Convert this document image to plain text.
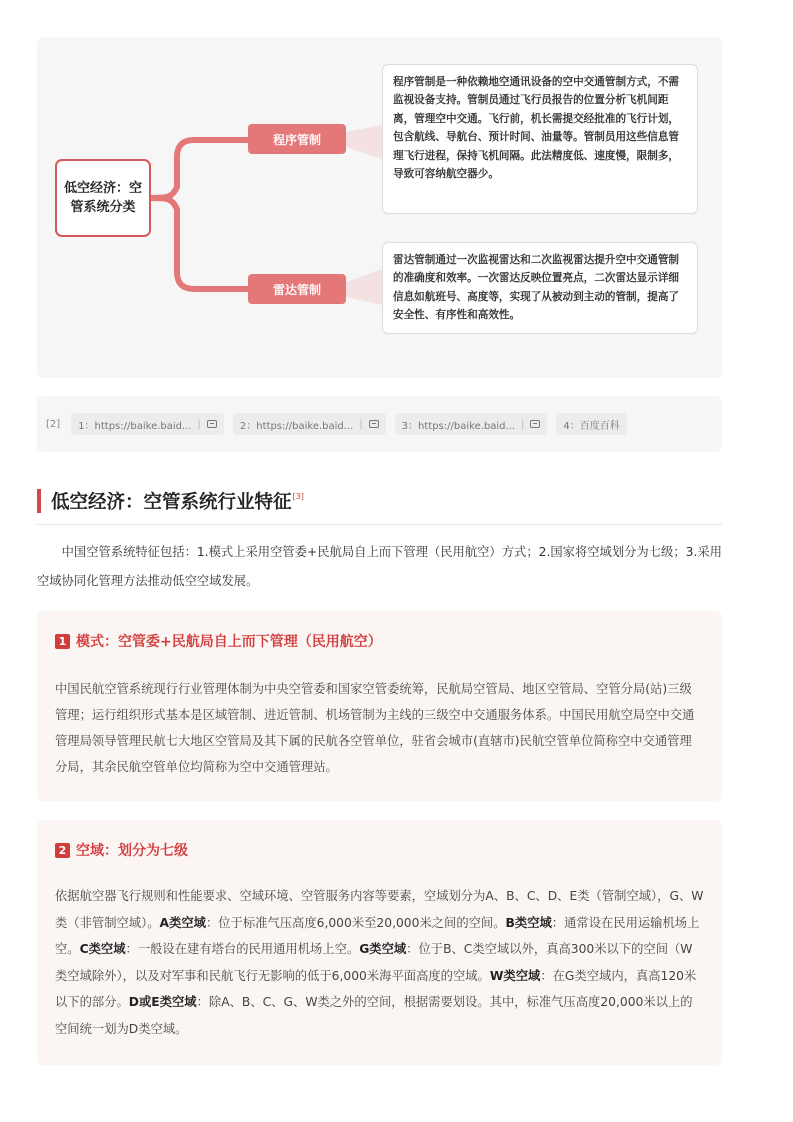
低空经济：空管系统分类
程序管制
雷达管制
程序管制是一种依赖地空通讯设备的空中交通管制方式，不需监视设备支持。管制员通过飞行员报告的位置分析飞机间距离，管理空中交通。飞行前，机长需提交经批准的飞行计划，包含航线、导航台、预计时间、油量等。管制员用这些信息管理飞行进程，保持飞机间隔。此法精度低、速度慢，限制多，导致可容纳航空器少。
雷达管制通过一次监视雷达和二次监视雷达提升空中交通管制的准确度和效率。一次雷达反映位置亮点，二次雷达显示详细信息如航班号、高度等，实现了从被动到主动的管制，提高了安全性、有序性和高效性。
[2] 1：https://baike.baid... |	2：https://baike.baid... |	3：https://baike.baid... |	4：百度百科
低空经济：空管系统行业特征[3]
中国空管系统特征包括：1.模式上采用空管委+民航局自上而下管理（民用航空）方式；2.国家将空域划分为七级；3.采用空域协同化管理方法推动低空空域发展。
1 模式：空管委+民航局自上而下管理（民用航空）
中国民航空管系统现行行业管理体制为中央空管委和国家空管委统筹，民航局空管局、地区空管局、空管分局(站)三级管理；运行组织形式基本是区域管制、进近管制、机场管制为主线的三级空中交通服务体系。中国民用航空局空中交通管理局领导管理民航七大地区空管局及其下属的民航各空管单位，驻省会城市(直辖市)民航空管单位简称空中交通管理分局，其余民航空管单位均简称为空中交通管理站。
2 空域：划分为七级
依据航空器飞行规则和性能要求、空域环境、空管服务内容等要素，空域划分为A、B、C、D、E类（管制空域），G、W类（非管制空域）。A类空域：位于标准气压高度6,000米至20,000米之间的空间。B类空域：通常设在民用运输机场上空。C类空域：一般设在建有塔台的民用通用机场上空。G类空域：位于B、C类空域以外，真高300米以下的空间（W类空域除外），以及对军事和民航飞行无影响的低于6,000米海平面高度的空域。W类空域：在G类空域内，真高120米以下的部分。D或E类空域：除A、B、C、G、W类之外的空间，根据需要划设。其中，标准气压高度20,000米以上的空间统一划为D类空域。
